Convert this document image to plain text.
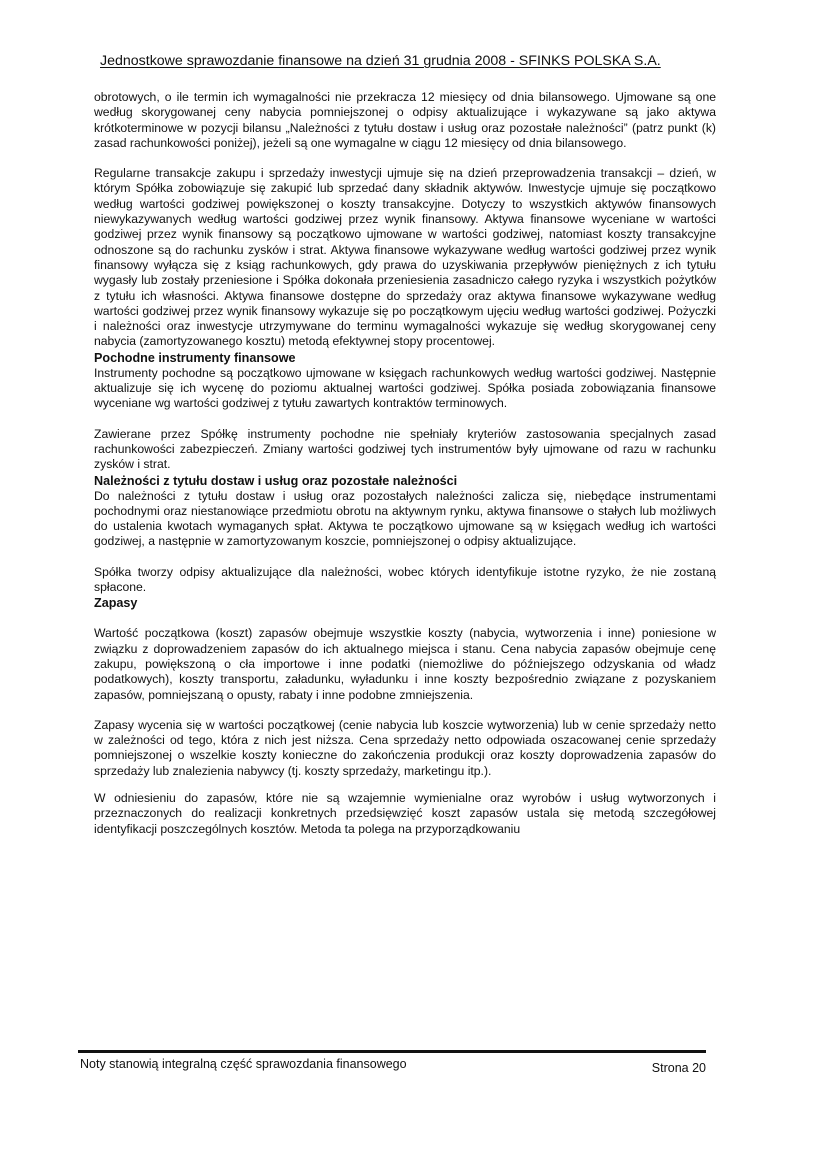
Jednostkowe sprawozdanie finansowe na dzień 31 grudnia 2008 - SFINKS POLSKA S.A.

obrotowych, o ile termin ich wymagalności nie przekracza 12 miesięcy od dnia bilansowego. Ujmowane są one według skorygowanej ceny nabycia pomniejszonej o odpisy aktualizujące i wykazywane są jako aktywa krótkoterminowe w pozycji bilansu „Należności z tytułu dostaw i usług oraz pozostałe należności” (patrz punkt (k) zasad rachunkowości poniżej), jeżeli są one wymagalne w ciągu 12 miesięcy od dnia bilansowego.

Regularne transakcje zakupu i sprzedaży inwestycji ujmuje się na dzień przeprowadzenia transakcji – dzień, w którym Spółka zobowiązuje się zakupić lub sprzedać dany składnik aktywów. Inwestycje ujmuje się początkowo według wartości godziwej powiększonej o koszty transakcyjne. Dotyczy to wszystkich aktywów finansowych niewykazywanych według wartości godziwej przez wynik finansowy. Aktywa finansowe wyceniane w wartości godziwej przez wynik finansowy są początkowo ujmowane w wartości godziwej, natomiast koszty transakcyjne odnoszone są do rachunku zysków i strat. Aktywa finansowe wykazywane według wartości godziwej przez wynik finansowy wyłącza się z ksiąg rachunkowych, gdy prawa do uzyskiwania przepływów pieniężnych z ich tytułu wygasły lub zostały przeniesione i Spółka dokonała przeniesienia zasadniczo całego ryzyka i wszystkich pożytków z tytułu ich własności. Aktywa finansowe dostępne do sprzedaży oraz aktywa finansowe wykazywane według wartości godziwej przez wynik finansowy wykazuje się po początkowym ujęciu według wartości godziwej. Pożyczki i należności oraz inwestycje utrzymywane do terminu wymagalności wykazuje się według skorygowanej ceny nabycia (zamortyzowanego kosztu) metodą efektywnej stopy procentowej.

Pochodne instrumenty finansowe

Instrumenty pochodne są początkowo ujmowane w księgach rachunkowych według wartości godziwej. Następnie aktualizuje się ich wycenę do poziomu aktualnej wartości godziwej. Spółka posiada zobowiązania finansowe wyceniane wg wartości godziwej z tytułu zawartych kontraktów terminowych.

Zawierane przez Spółkę instrumenty pochodne nie spełniały kryteriów zastosowania specjalnych zasad rachunkowości zabezpieczeń. Zmiany wartości godziwej tych instrumentów były ujmowane od razu w rachunku zysków i strat.

Należności z tytułu dostaw i usług oraz pozostałe należności

Do należności z tytułu dostaw i usług oraz pozostałych należności zalicza się, niebędące instrumentami pochodnymi oraz niestanowiące przedmiotu obrotu na aktywnym rynku, aktywa finansowe o stałych lub możliwych do ustalenia kwotach wymaganych spłat. Aktywa te początkowo ujmowane są w księgach według ich wartości godziwej, a następnie w zamortyzowanym koszcie, pomniejszonej o odpisy aktualizujące.

Spółka tworzy odpisy aktualizujące dla należności, wobec których identyfikuje istotne ryzyko, że nie zostaną spłacone.

Zapasy

Wartość początkowa (koszt) zapasów obejmuje wszystkie koszty (nabycia, wytworzenia i inne) poniesione w związku z doprowadzeniem zapasów do ich aktualnego miejsca i stanu. Cena nabycia zapasów obejmuje cenę zakupu, powiększoną o cła importowe i inne podatki (niemożliwe do późniejszego odzyskania od władz podatkowych), koszty transportu, załadunku, wyładunku i inne koszty bezpośrednio związane z pozyskaniem zapasów, pomniejszaną o opusty, rabaty i inne podobne zmniejszenia.

Zapasy wycenia się w wartości początkowej (cenie nabycia lub koszcie wytworzenia) lub w cenie sprzedaży netto w zależności od tego, która z nich jest niższa. Cena sprzedaży netto odpowiada oszacowanej cenie sprzedaży pomniejszonej o wszelkie koszty konieczne do zakończenia produkcji oraz koszty doprowadzenia zapasów do sprzedaży lub znalezienia nabywcy (tj. koszty sprzedaży, marketingu itp.).

W odniesieniu do zapasów, które nie są wzajemnie wymienialne oraz wyrobów i usług wytworzonych i przeznaczonych do realizacji konkretnych przedsięwzięć koszt zapasów ustala się metodą szczegółowej identyfikacji poszczególnych kosztów. Metoda ta polega na przyporządkowaniu

Noty stanowią integralną część sprawozdania finansowego	Strona 20
